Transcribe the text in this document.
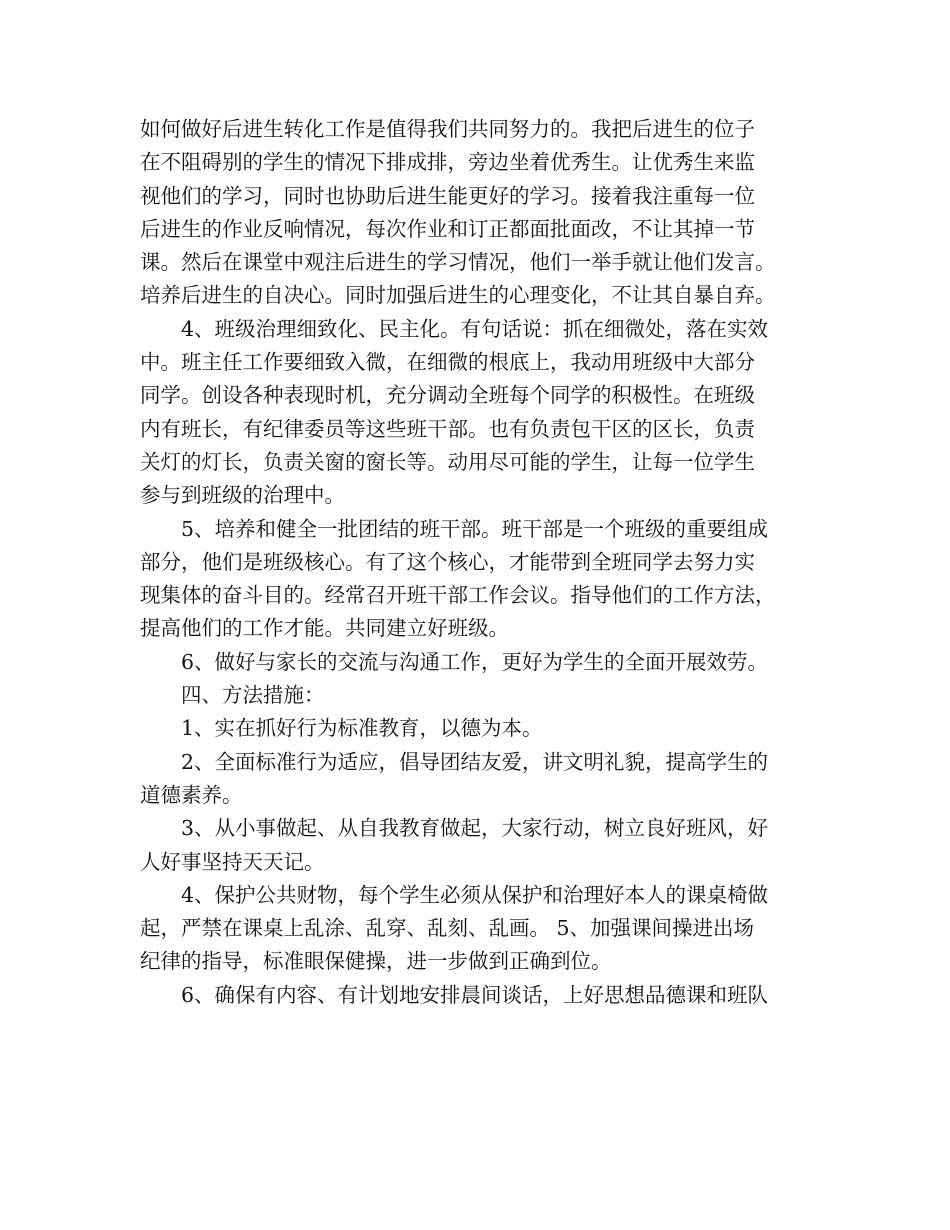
如何做好后进生转化工作是值得我们共同努力的。我把后进生的位子
在不阻碍别的学生的情况下排成排，旁边坐着优秀生。让优秀生来监
视他们的学习，同时也协助后进生能更好的学习。接着我注重每一位
后进生的作业反响情况，每次作业和订正都面批面改，不让其掉一节
课。然后在课堂中观注后进生的学习情况，他们一举手就让他们发言。
培养后进生的自决心。同时加强后进生的心理变化，不让其自暴自弃。
4、班级治理细致化、民主化。有句话说：抓在细微处，落在实效
中。班主任工作要细致入微，在细微的根底上，我动用班级中大部分
同学。创设各种表现时机，充分调动全班每个同学的积极性。在班级
内有班长，有纪律委员等这些班干部。也有负责包干区的区长，负责
关灯的灯长，负责关窗的窗长等。动用尽可能的学生，让每一位学生
参与到班级的治理中。
5、培养和健全一批团结的班干部。班干部是一个班级的重要组成
部分，他们是班级核心。有了这个核心，才能带到全班同学去努力实
现集体的奋斗目的。经常召开班干部工作会议。指导他们的工作方法，
提高他们的工作才能。共同建立好班级。
6、做好与家长的交流与沟通工作，更好为学生的全面开展效劳。
四、方法措施：
1、实在抓好行为标准教育，以德为本。
2、全面标准行为适应，倡导团结友爱，讲文明礼貌，提高学生的
道德素养。
3、从小事做起、从自我教育做起，大家行动，树立良好班风，好
人好事坚持天天记。
4、保护公共财物，每个学生必须从保护和治理好本人的课桌椅做
起，严禁在课桌上乱涂、乱穿、乱刻、乱画。 5、加强课间操进出场
纪律的指导，标准眼保健操，进一步做到正确到位。
6、确保有内容、有计划地安排晨间谈话，上好思想品德课和班队
